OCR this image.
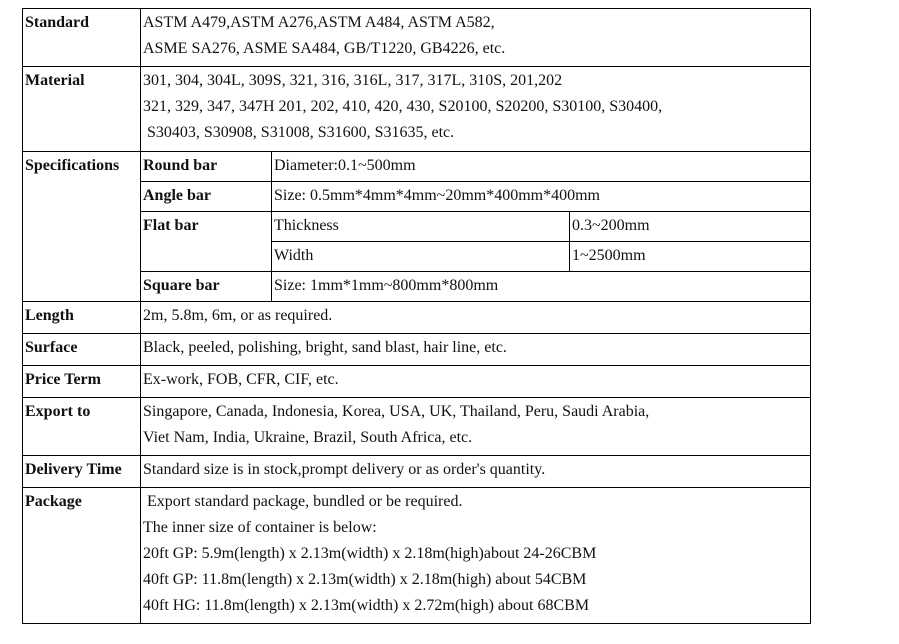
Standard	ASTM A479,ASTM A276,ASTM A484, ASTM A582,
ASME SA276, ASME SA484, GB/T1220, GB4226, etc.		

Material	301, 304, 304L, 309S, 321, 316, 316L, 317, 317L, 310S, 201,202
321, 329, 347, 347H 201, 202, 410, 420, 430, S20100, S20200, S30100, S30400,
S30403, S30908, S31008, S31600, S31635, etc.		

Specifications	Round bar	Diameter:0.1~500mm	
	Angle bar	Size: 0.5mm*4mm*4mm~20mm*400mm*400mm	
	Flat bar	Thickness	0.3~200mm
		Width	1~2500mm
	Square bar	Size: 1mm*1mm~800mm*800mm	
Length	2m, 5.8m, 6m, or as required.		
Surface	Black, peeled, polishing, bright, sand blast, hair line, etc.		
Price Term	Ex-work, FOB, CFR, CIF, etc.		
Export to	Singapore, Canada, Indonesia, Korea, USA, UK, Thailand, Peru, Saudi Arabia,
Viet Nam, India, Ukraine, Brazil, South Africa, etc.		

Delivery Time	Standard size is in stock,prompt delivery or as order's quantity.		
Package	Export standard package, bundled or be required.
The inner size of container is below:
20ft GP: 5.9m(length) x 2.13m(width) x 2.18m(high)about 24-26CBM
40ft GP: 11.8m(length) x 2.13m(width) x 2.18m(high) about 54CBM
40ft HG: 11.8m(length) x 2.13m(width) x 2.72m(high) about 68CBM		
